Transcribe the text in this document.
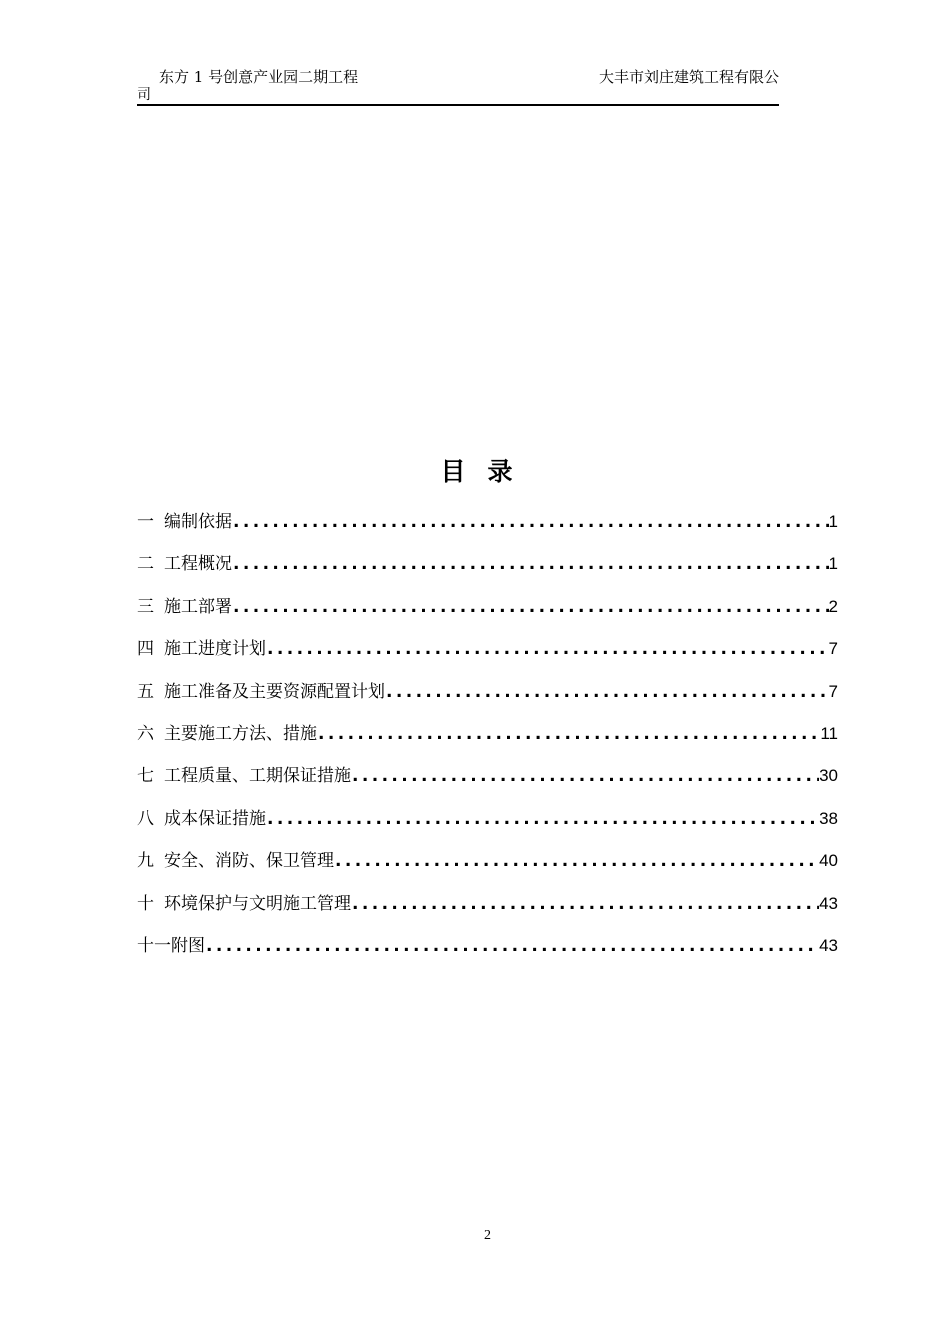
东方 1 号创意产业园二期工程	大丰市刘庄建筑工程有限公
司
目录
一 编制依据 .....	1
二 工程概况 .....	1
三 施工部署 .....	2
四 施工进度计划 .....	7
五 施工准备及主要资源配置计划 .....	7
六 主要施工方法、措施 .....	11
七 工程质量、工期保证措施 .....	30
八 成本保证措施 .....	38
九 安全、消防、保卫管理 .....	40
十 环境保护与文明施工管理 .....	43
十一 附图 .....	43
2
